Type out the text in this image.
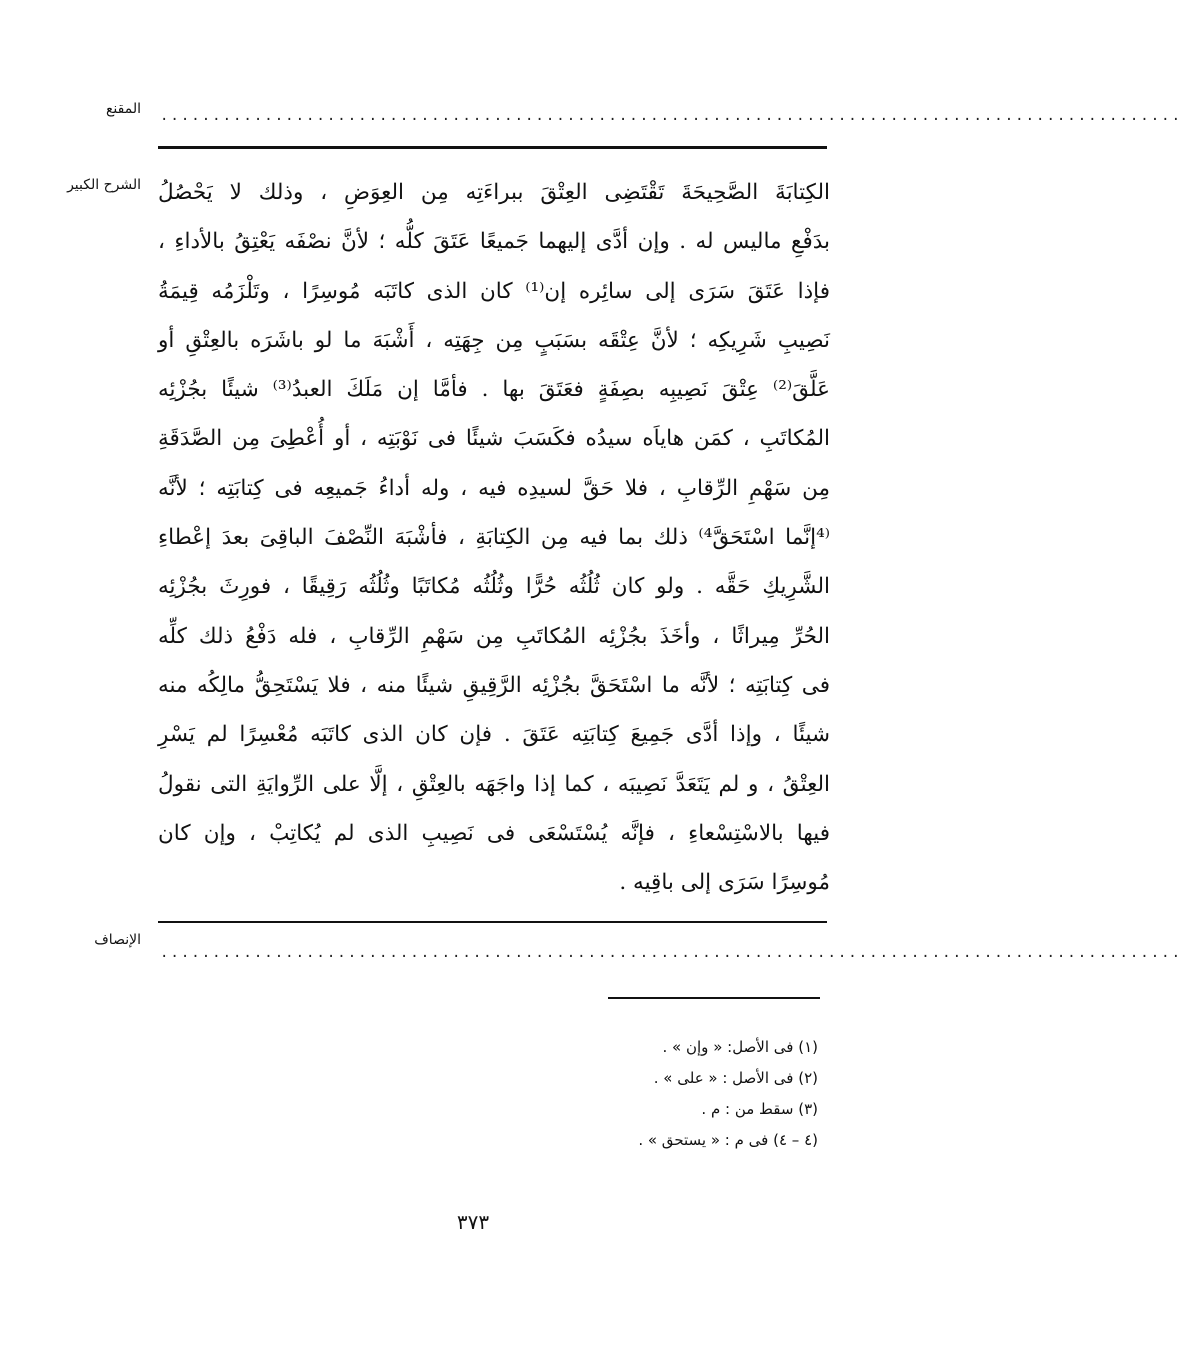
المقنع ..................................................................................................
الشرح الكبير الكِتابَةَ الصَّحِيحَةَ تَقْتَضِى العِتْقَ ببراءَتِه مِن العِوَضِ ، وذلك لا يَحْصُلُ
بدَفْعِ ماليس له . وإن أدَّى إليهما جَميعًا عَتَقَ كلُّه ؛ لأنَّ نصْفَه يَعْتِقُ بالأداءِ ،
فإذا عَتَقَ سَرَى إلى سائِره إن⁽¹⁾ كان الذى كاتَبَه مُوسِرًا ، وتَلْزَمُه قِيمَةُ
نَصِيبِ شَرِيكِه ؛ لأنَّ عِتْقَه بسَبَبٍ مِن جِهَتِه ، أَشْبَهَ ما لو باشَرَه بالعِتْقِ أو
عَلَّقَ⁽²⁾ عِتْقَ نَصِيبِه بصِفَةٍ فعَتَقَ بها . فأمَّا إن مَلَكَ العبدُ⁽³⁾ شيئًا بجُزْئِه
المُكاتَبِ ، كمَن هاياَه سيدُه فكَسَبَ شيئًا فى نَوْبَتِه ، أو أُعْطِىَ مِن الصَّدَقَةِ
مِن سَهْمِ الرِّقابِ ، فلا حَقَّ لسيدِه فيه ، وله أداءُ جَميعِه فى كِتابَتِه ؛ لأنَّه
⁽⁴إنَّما اسْتَحَقَّ⁴⁾ ذلك بما فيه مِن الكِتابَةِ ، فأشْبَهَ النِّصْفَ الباقِىَ بعدَ إعْطاءِ
الشَّرِيكِ حَقَّه . ولو كان ثُلُثُه حُرًّا وثُلُثُه مُكاتَبًا وثُلُثُه رَقِيقًا ، فورِثَ بجُزْئِه
الحُرِّ مِيراثًا ، وأخَذَ بجُزْئِه المُكاتَبِ مِن سَهْمِ الرِّقابِ ، فله دَفْعُ ذلك كلِّه
فى كِتابَتِه ؛ لأنَّه ما اسْتَحَقَّ بجُزْئِه الرَّقِيقِ شيئًا منه ، فلا يَسْتَحِقُّ مالِكُه منه
شيئًا ، وإذا أدَّى جَمِيعَ كِتابَتِه عَتَقَ . فإن كان الذى كاتَبَه مُعْسِرًا لم يَسْرِ
العِتْقُ ، و لم يَتَعَدَّ نَصِيبَه ، كما إذا واجَهَه بالعِتْقِ ، إلَّا على الرِّوايَةِ التى نقولُ
فيها بالاسْتِسْعاءِ ، فإنَّه يُسْتَسْعَى فى نَصِيبِ الذى لم يُكاتِبْ ، وإن كان
مُوسِرًا سَرَى إلى باقِيه .
الإنصاف
..................................................................................................
(١) فى الأصل: « وإن » .
(٢) فى الأصل : « على » .
(٣) سقط من : م .
(٤ – ٤) فى م : « يستحق » .
٣٧٣
